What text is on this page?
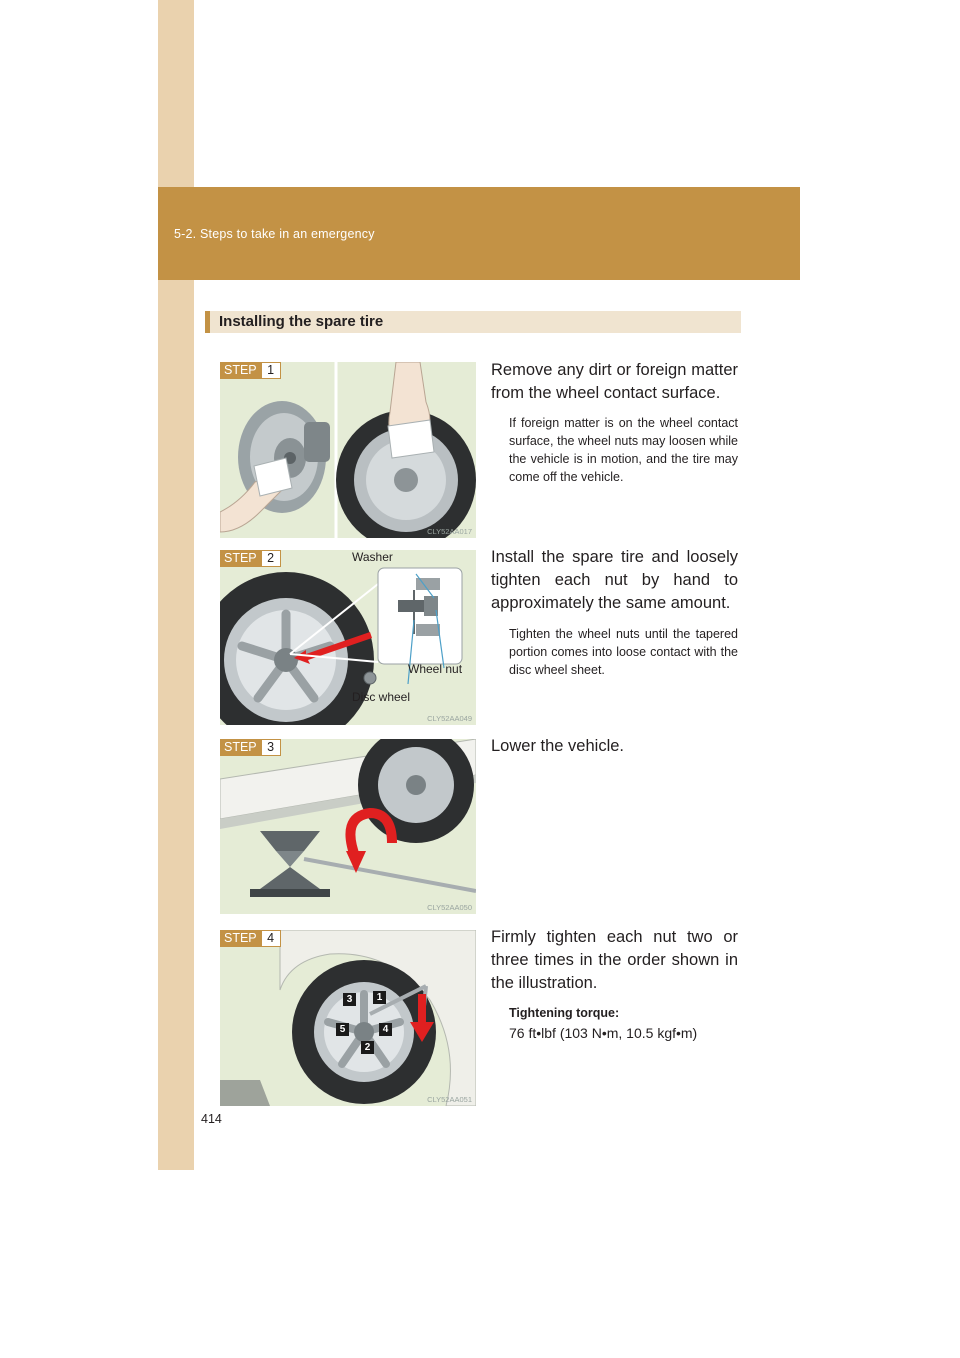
5-2. Steps to take in an emergency
Installing the spare tire
STEP 1
CLY52AA017
Remove any dirt or foreign matter from the wheel contact surface.
If foreign matter is on the wheel contact surface, the wheel nuts may loosen while the vehicle is in motion, and the tire may come off the vehicle.
STEP 2	Washer
Wheel nut
Disc wheel
CLY52AA049
Install the spare tire and loosely tighten each nut by hand to approximately the same amount.
Tighten the wheel nuts until the tapered portion comes into loose contact with the disc wheel sheet.
STEP 3
CLY52AA050
Lower the vehicle.
STEP 4
1
2
3
4
5
CLY52AA051
Firmly tighten each nut two or three times in the order shown in the illustration.
Tightening torque:
76 ft•lbf (103 N•m, 10.5 kgf•m)
414
